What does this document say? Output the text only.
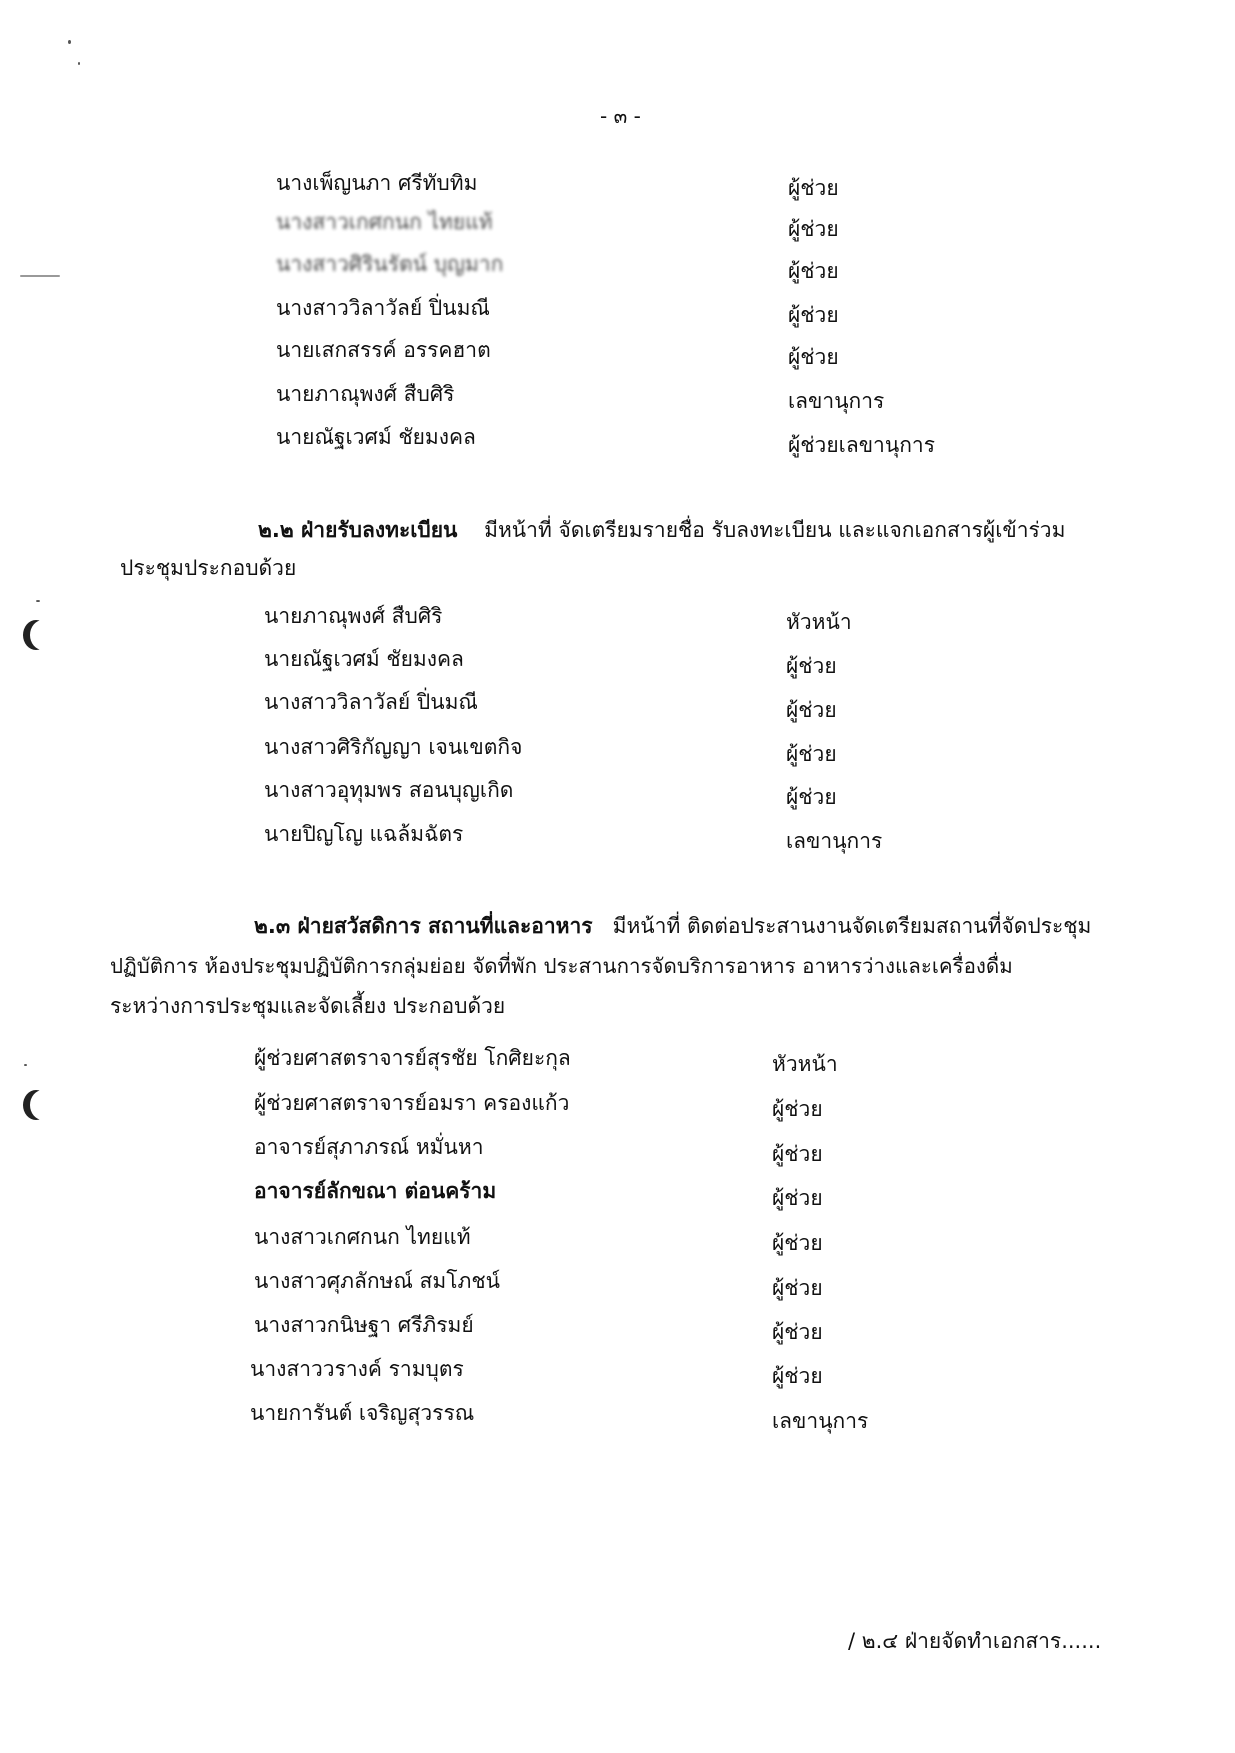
- ๓ -
นางเพ็ญนภา ศรีทับทิม	ผู้ช่วย
นางสาวเกศกนก ไทยแท้	ผู้ช่วย
นางสาวศิรินรัตน์ บุญมาก	ผู้ช่วย
นางสาววิลาวัลย์ ปิ่นมณี	ผู้ช่วย
นายเสกสรรค์ อรรคฮาต	ผู้ช่วย
นายภาณุพงศ์ สืบศิริ	เลขานุการ
นายณัฐเวศม์ ชัยมงคล	ผู้ช่วยเลขานุการ
๒.๒ ฝ่ายรับลงทะเบียน มีหน้าที่ จัดเตรียมรายชื่อ รับลงทะเบียน และแจกเอกสารผู้เข้าร่วม
ประชุมประกอบด้วย
นายภาณุพงศ์ สืบศิริ	หัวหน้า
นายณัฐเวศม์ ชัยมงคล	ผู้ช่วย
นางสาววิลาวัลย์ ปิ่นมณี	ผู้ช่วย
นางสาวศิริกัญญา เจนเขตกิจ	ผู้ช่วย
นางสาวอุทุมพร สอนบุญเกิด	ผู้ช่วย
นายปิญโญ แฉล้มฉัตร	เลขานุการ
๒.๓ ฝ่ายสวัสดิการ สถานที่และอาหาร มีหน้าที่ ติดต่อประสานงานจัดเตรียมสถานที่จัดประชุม
ปฏิบัติการ ห้องประชุมปฏิบัติการกลุ่มย่อย จัดที่พัก ประสานการจัดบริการอาหาร อาหารว่างและเครื่องดื่ม
ระหว่างการประชุมและจัดเลี้ยง ประกอบด้วย
ผู้ช่วยศาสตราจารย์สุรชัย โกศิยะกุล	หัวหน้า
ผู้ช่วยศาสตราจารย์อมรา ครองแก้ว	ผู้ช่วย
อาจารย์สุภาภรณ์ หมั่นหา	ผู้ช่วย
อาจารย์ลักขณา ต่อนคร้าม	ผู้ช่วย
นางสาวเกศกนก ไทยแท้	ผู้ช่วย
นางสาวศุภลักษณ์ สมโภชน์	ผู้ช่วย
นางสาวกนิษฐา ศรีภิรมย์	ผู้ช่วย
นางสาววรางค์ รามบุตร	ผู้ช่วย
นายการันต์ เจริญสุวรรณ	เลขานุการ
/ ๒.๔ ฝ่ายจัดทำเอกสาร......
